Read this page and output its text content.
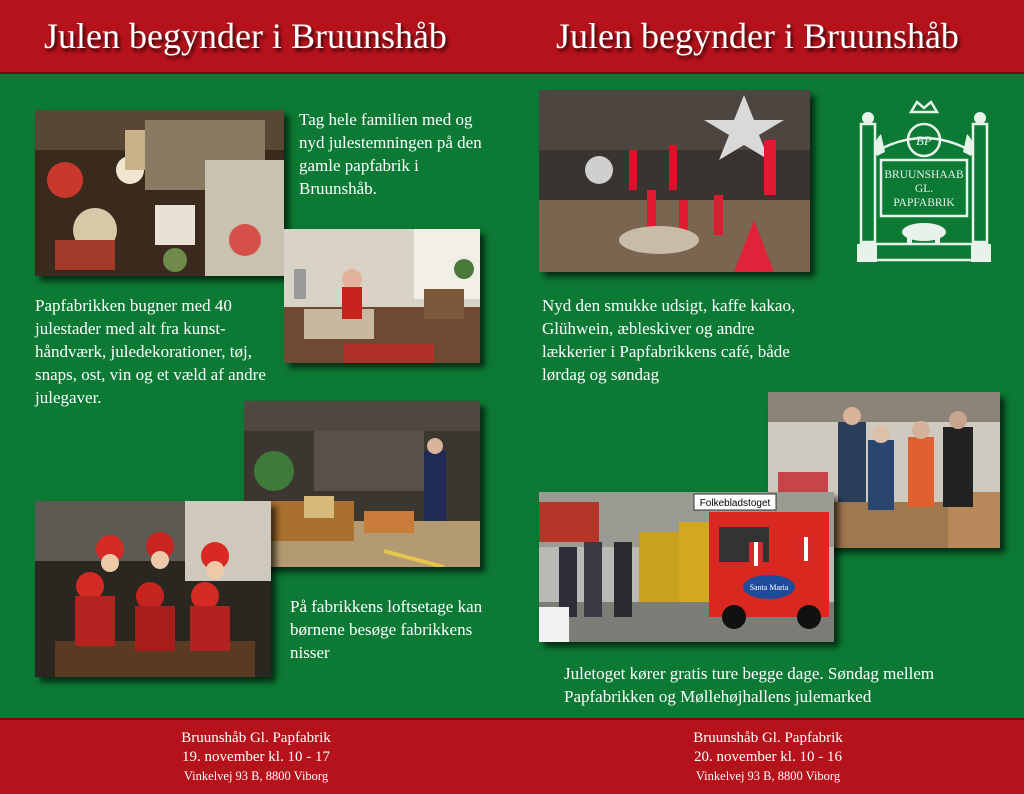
Julen begynder i Bruunshåb	Julen begynder i Bruunshåb
Tag hele familien med og nyd julestemningen på den gamle papfabrik i Bruunshåb.
Papfabrikken bugner med 40 julestader med alt fra kunst-håndværk, juledekorationer, tøj, snaps, ost, vin og et væld af andre julegaver.
På fabrikkens loftsetage kan børnene besøge fabrikkens nisser
Folkebladstoget
Santa Maria
BP
BRUUNSHAAB
GL.
PAPFABRIK
Nyd den smukke udsigt, kaffe kakao, Glühwein, æbleskiver og andre lækkerier i Papfabrikkens café, både lørdag og søndag
Juletoget kører gratis ture begge dage. Søndag mellem Papfabrikken og Møllehøjhallens julemarked
Bruunshåb Gl. Papfabrik
19. november kl. 10 - 17
Vinkelvej 93 B, 8800 Viborg
Bruunshåb Gl. Papfabrik
20. november kl. 10 - 16
Vinkelvej 93 B, 8800 Viborg
